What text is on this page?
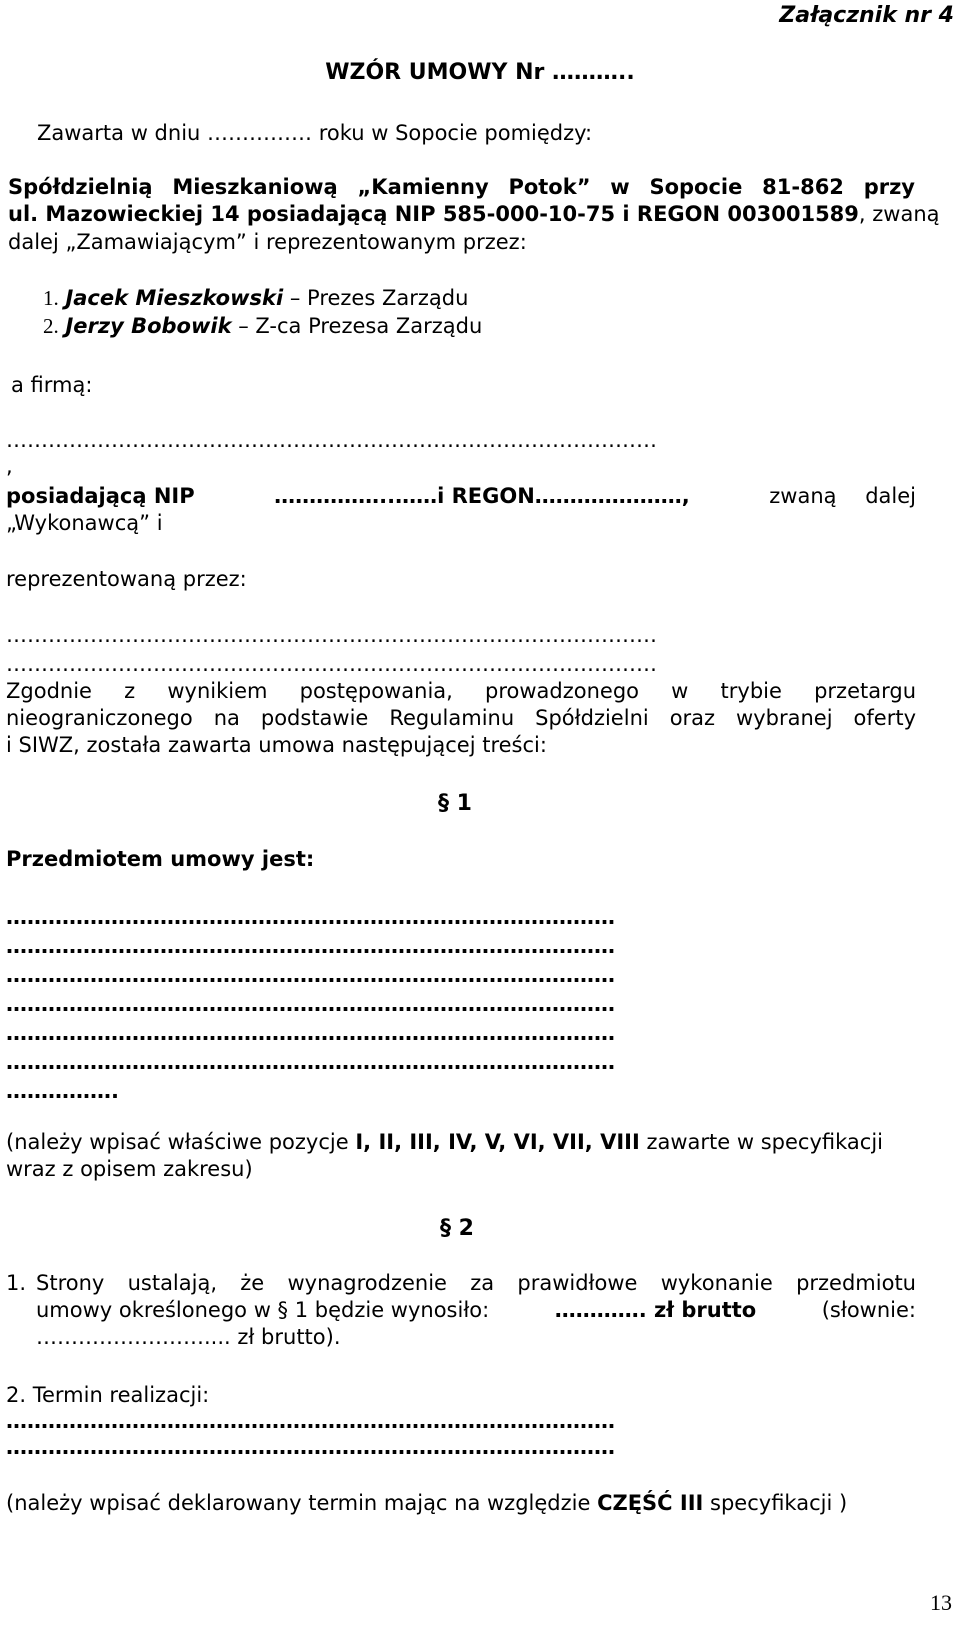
Załącznik nr 4
WZÓR UMOWY Nr ………..
Zawarta w dniu …………… roku w Sopocie pomiędzy:
Spółdzielnią Mieszkaniową „Kamienny Potok” w Sopocie 81-862 przy
ul. Mazowieckiej 14 posiadającą NIP 585-000-10-75 i REGON 003001589, zwaną
dalej „Zamawiającym” i reprezentowanym przez:
1. Jacek Mieszkowski – Prezes Zarządu
2. Jerzy Bobowik – Z-ca Prezesa Zarządu
a firmą:
…………………………………………………………………………………
,
posiadającą NIP	……………..……i REGON…………………,	zwaną dalej
„Wykonawcą” i
reprezentowaną przez:
…………………………………………………………………………………
…………………………………………………………………………………
Zgodnie z wynikiem postępowania, prowadzonego w trybie przetargu
nieograniczonego na podstawie Regulaminu Spółdzielni oraz wybranej oferty
i SIWZ, została zawarta umowa następującej treści:
§ 1
Przedmiotem umowy jest:
……………………………………………………………………………
……………………………………………………………………………
……………………………………………………………………………
……………………………………………………………………………
……………………………………………………………………………
……………………………………………………………………………
…………….
(należy wpisać właściwe pozycje I, II, III, IV, V, VI, VII, VIII zawarte w specyfikacji
wraz z opisem zakresu)
§ 2
1. Strony ustalają, że wynagrodzenie za prawidłowe wykonanie przedmiotu
umowy określonego w § 1 będzie wynosiło:	…………. zł brutto	(słownie:
…………………….... zł brutto).
2. Termin realizacji:
……………………………………………………………………………
……………………………………………………………………………
(należy wpisać deklarowany termin mając na względzie CZĘŚĆ III specyfikacji )
13
